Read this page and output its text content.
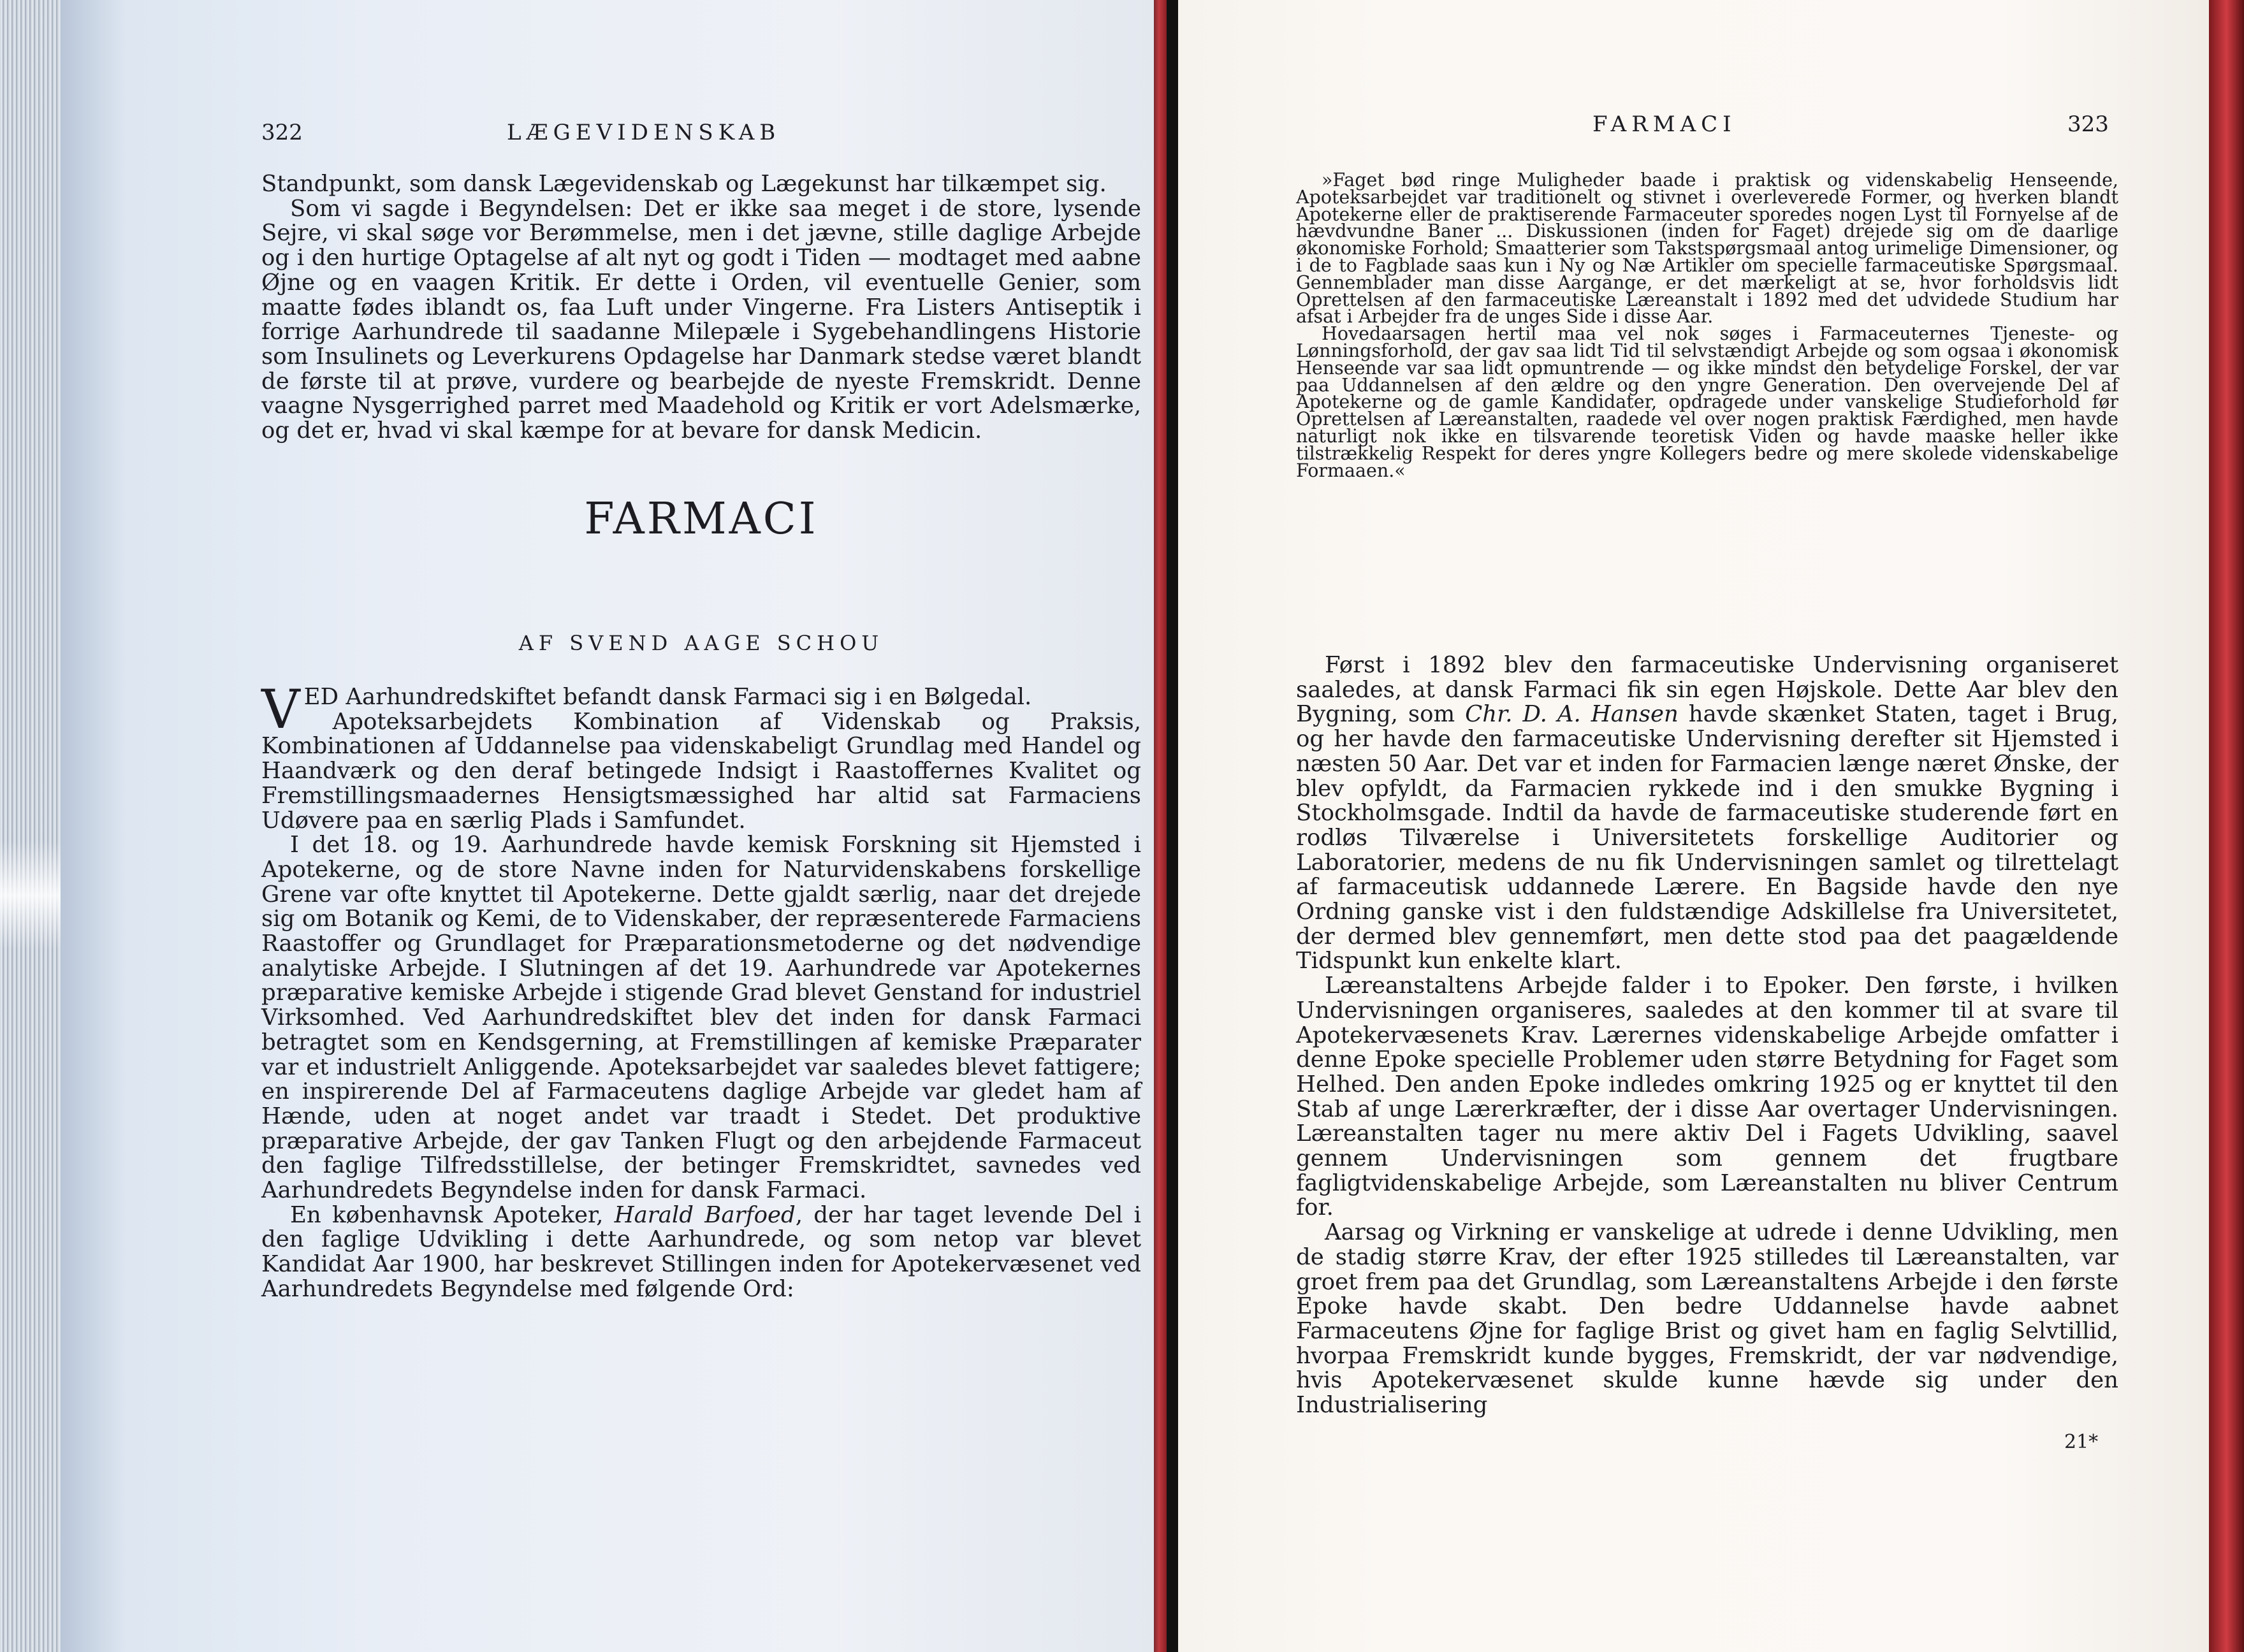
322	LÆGEVIDENSKAB

Standpunkt, som dansk Lægevidenskab og Lægekunst har tilkæmpet sig.

Som vi sagde i Begyndelsen: Det er ikke saa meget i de store, lysende Sejre, vi skal søge vor Berømmelse, men i det jævne, stille daglige Arbejde og i den hurtige Optagelse af alt nyt og godt i Tiden — modtaget med aabne Øjne og en vaagen Kritik. Er dette i Orden, vil eventuelle Genier, som maatte fødes iblandt os, faa Luft under Vingerne. Fra Listers Antiseptik i forrige Aarhundrede til saadanne Milepæle i Sygebehandlingens Historie som Insulinets og Leverkurens Opdagelse har Danmark stedse været blandt de første til at prøve, vurdere og bearbejde de nyeste Fremskridt. Denne vaagne Nysgerrighed parret med Maadehold og Kritik er vort Adelsmærke, og det er, hvad vi skal kæmpe for at bevare for dansk Medicin.

FARMACI
AF SVEND AAGE SCHOU

VED Aarhundredskiftet befandt dansk Farmaci sig i en Bølgedal.

Apoteksarbejdets Kombination af Videnskab og Praksis, Kombinationen af Uddannelse paa videnskabeligt Grundlag med Handel og Haandværk og den deraf betingede Indsigt i Raastoffernes Kvalitet og Fremstillingsmaadernes Hensigtsmæssighed har altid sat Farmaciens Udøvere paa en særlig Plads i Samfundet.

I det 18. og 19. Aarhundrede havde kemisk Forskning sit Hjemsted i Apotekerne, og de store Navne inden for Naturvidenskabens forskellige Grene var ofte knyttet til Apotekerne. Dette gjaldt særlig, naar det drejede sig om Botanik og Kemi, de to Videnskaber, der repræsenterede Farmaciens Raastoffer og Grundlaget for Præparationsmetoderne og det nødvendige analytiske Arbejde. I Slutningen af det 19. Aarhundrede var Apotekernes præparative kemiske Arbejde i stigende Grad blevet Genstand for industriel Virksomhed. Ved Aarhundredskiftet blev det inden for dansk Farmaci betragtet som en Kendsgerning, at Fremstillingen af kemiske Præparater var et industrielt Anliggende. Apoteksarbejdet var saaledes blevet fattigere; en inspirerende Del af Farmaceutens daglige Arbejde var gledet ham af Hænde, uden at noget andet var traadt i Stedet. Det produktive præparative Arbejde, der gav Tanken Flugt og den arbejdende Farmaceut den faglige Tilfredsstillelse, der betinger Fremskridtet, savnedes ved Aarhundredets Begyndelse inden for dansk Farmaci.

En københavnsk Apoteker, Harald Barfoed, der har taget levende Del i den faglige Udvikling i dette Aarhundrede, og som netop var blevet Kandidat Aar 1900, har beskrevet Stillingen inden for Apotekervæsenet ved Aarhundredets Begyndelse med følgende Ord:

FARMACI	323

»Faget bød ringe Muligheder baade i praktisk og videnskabelig Henseende, Apoteksarbejdet var traditionelt og stivnet i overleverede Former, og hverken blandt Apotekerne eller de praktiserende Farmaceuter sporedes nogen Lyst til Fornyelse af de hævdvundne Baner ... Diskussionen (inden for Faget) drejede sig om de daarlige økonomiske Forhold; Smaatterier som Takstspørgsmaal antog urimelige Dimensioner, og i de to Fagblade saas kun i Ny og Næ Artikler om specielle farmaceutiske Spørgsmaal. Gennemblader man disse Aargange, er det mærkeligt at se, hvor forholdsvis lidt Oprettelsen af den farmaceutiske Læreanstalt i 1892 med det udvidede Studium har afsat i Arbejder fra de unges Side i disse Aar.

Hovedaarsagen hertil maa vel nok søges i Farmaceuternes Tjeneste- og Lønningsforhold, der gav saa lidt Tid til selvstændigt Arbejde og som ogsaa i økonomisk Henseende var saa lidt opmuntrende — og ikke mindst den betydelige Forskel, der var paa Uddannelsen af den ældre og den yngre Generation. Den overvejende Del af Apotekerne og de gamle Kandidater, opdragede under vanskelige Studieforhold før Oprettelsen af Læreanstalten, raadede vel over nogen praktisk Færdighed, men havde naturligt nok ikke en tilsvarende teoretisk Viden og havde maaske heller ikke tilstrækkelig Respekt for deres yngre Kollegers bedre og mere skolede videnskabelige Formaaen.«

Først i 1892 blev den farmaceutiske Undervisning organiseret saaledes, at dansk Farmaci fik sin egen Højskole. Dette Aar blev den Bygning, som Chr. D. A. Hansen havde skænket Staten, taget i Brug, og her havde den farmaceutiske Undervisning derefter sit Hjemsted i næsten 50 Aar. Det var et inden for Farmacien længe næret Ønske, der blev opfyldt, da Farmacien rykkede ind i den smukke Bygning i Stockholmsgade. Indtil da havde de farmaceutiske studerende ført en rodløs Tilværelse i Universitetets forskellige Auditorier og Laboratorier, medens de nu fik Undervisningen samlet og tilrettelagt af farmaceutisk uddannede Lærere. En Bagside havde den nye Ordning ganske vist i den fuldstændige Adskillelse fra Universitetet, der dermed blev gennemført, men dette stod paa det paagældende Tidspunkt kun enkelte klart.

Læreanstaltens Arbejde falder i to Epoker. Den første, i hvilken Undervisningen organiseres, saaledes at den kommer til at svare til Apotekervæsenets Krav. Lærernes videnskabelige Arbejde omfatter i denne Epoke specielle Problemer uden større Betydning for Faget som Helhed. Den anden Epoke indledes omkring 1925 og er knyttet til den Stab af unge Lærerkræfter, der i disse Aar overtager Undervisningen. Læreanstalten tager nu mere aktiv Del i Fagets Udvikling, saavel gennem Undervisningen som gennem det frugtbare fagligtvidenskabelige Arbejde, som Læreanstalten nu bliver Centrum for.

Aarsag og Virkning er vanskelige at udrede i denne Udvikling, men de stadig større Krav, der efter 1925 stilledes til Læreanstalten, var groet frem paa det Grundlag, som Læreanstaltens Arbejde i den første Epoke havde skabt. Den bedre Uddannelse havde aabnet Farmaceutens Øjne for faglige Brist og givet ham en faglig Selvtillid, hvorpaa Fremskridt kunde bygges, Fremskridt, der var nødvendige, hvis Apotekervæsenet skulde kunne hævde sig under den Industrialisering

21*
